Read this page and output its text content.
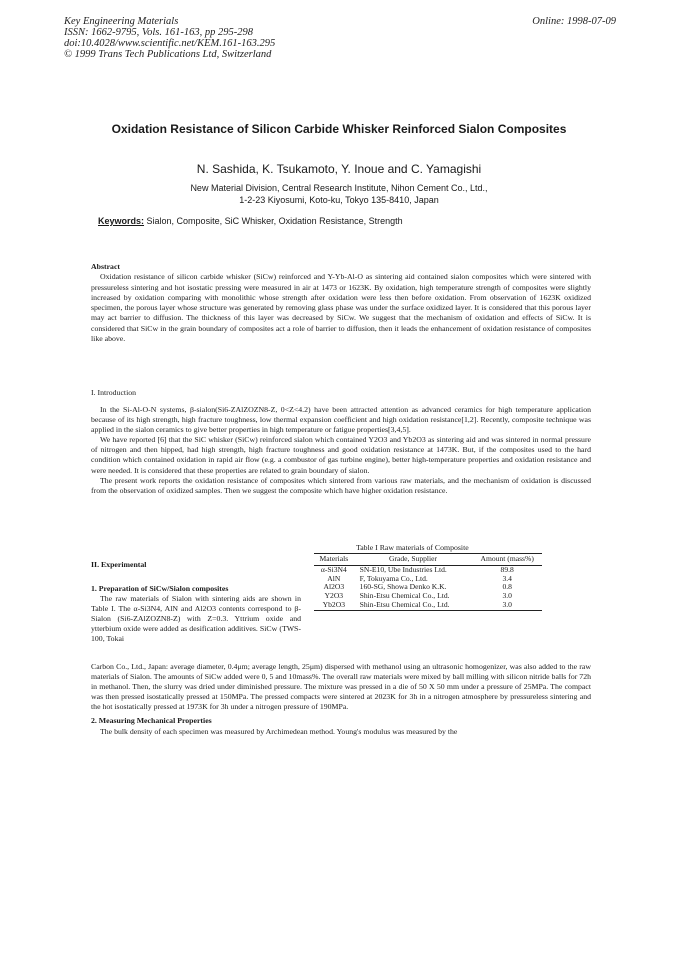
Key Engineering Materials
ISSN: 1662-9795, Vols. 161-163, pp 295-298
doi:10.4028/www.scientific.net/KEM.161-163.295
© 1999 Trans Tech Publications Ltd, Switzerland
Online: 1998-07-09
Oxidation Resistance of Silicon Carbide Whisker Reinforced Sialon Composites
N. Sashida, K. Tsukamoto, Y. Inoue and C. Yamagishi
New Material Division, Central Research Institute, Nihon Cement Co., Ltd.,
1-2-23 Kiyosumi, Koto-ku, Tokyo 135-8410, Japan
Keywords: Sialon, Composite, SiC Whisker, Oxidation Resistance, Strength
Abstract

Oxidation resistance of silicon carbide whisker (SiCw) reinforced and Y-Yb-Al-O as sintering aid contained sialon composites which were sintered with pressureless sintering and hot isostatic pressing were measured in air at 1473 or 1623K. By oxidation, high temperature strength of composites were slightly increased by oxidation comparing with monolithic whose strength after oxidation were less then before oxidation. From observation of 1623K oxidized specimen, the porous layer whose structure was generated by removing glass phase was under the surface oxidized layer. It is considered that this porous layer may act barrier to diffusion. The thickness of this layer was decreased by SiCw. We suggest that the mechanism of oxidation and effects of SiCw. It is considered that SiCw in the grain boundary of composites act a role of barrier to diffusion, then it leads the enhancement of oxidation resistance of composites like above.

I. Introduction

In the Si-Al-O-N systems, β-sialon(Si6-ZAlZOZN8-Z, 0<Z<4.2) have been attracted attention as advanced ceramics for high temperature application because of its high strength, high fracture toughness, low thermal expansion coefficient and high oxidation resistance[1,2]. Recently, composite technique was applied in the sialon ceramics to give better properties in high temperature or fatigue properties[3,4,5].

We have reported [6] that the SiC whisker (SiCw) reinforced sialon which contained Y2O3 and Yb2O3 as sintering aid and was sintered in normal pressure of nitrogen and then hipped, had high strength, high fracture toughness and good oxidation resistance at 1473K. But, if the composites used to the hard condition which contained oxidation in rapid air flow (e.g. a combustor of gas turbine engine), better high-temperature properties and oxidation resistance and were needed. It is considered that these properties are related to grain boundary of sialon.

The present work reports the oxidation resistance of composites which sintered from various raw materials, and the mechanism of oxidation is discussed from the observation of oxidized samples. Then we suggest the composite which have higher oxidation resistance.

Table I Raw materials of Composite
Materials	Grade, Supplier	Amount (mass%)
α-Si3N4	SN-E10, Ube Industries Ltd.	89.8
AlN	F, Tokuyama Co., Ltd.	3.4
Al2O3	160-SG, Showa Denko K.K.	0.8
Y2O3	Shin-Etsu Chemical Co., Ltd.	3.0
Yb2O3	Shin-Etsu Chemical Co., Ltd.	3.0
II. Experimental
1. Preparation of SiCw/Sialon composites

The raw materials of Sialon with sintering aids are shown in Table I. The α-Si3N4, AlN and Al2O3 contents correspond to β-Sialon (Si6-ZAlZOZN8-Z) with Z=0.3. Yttrium oxide and ytterbium oxide were added as desification additives. SiCw (TWS-100, Tokai

Carbon Co., Ltd., Japan: average diameter, 0.4μm; average length, 25μm) dispersed with methanol using an ultrasonic homogenizer, was also added to the raw materials of Sialon. The amounts of SiCw added were 0, 5 and 10mass%. The overall raw materials were mixed by ball milling with silicon nitride balls for 72h in methanol. Then, the slurry was dried under diminished pressure. The mixture was pressed in a die of 50 X 50 mm under a pressure of 25MPa. The compact was then pressed isostatically pressed at 150MPa. The pressed compacts were sintered at 2023K for 3h in a nitrogen atmosphere by pressureless sintering and the hot isostatically pressed at 1973K for 3h under a nitrogen pressure of 190MPa.

2. Measuring Mechanical Properties

The bulk density of each specimen was measured by Archimedean method. Young's modulus was measured by the
